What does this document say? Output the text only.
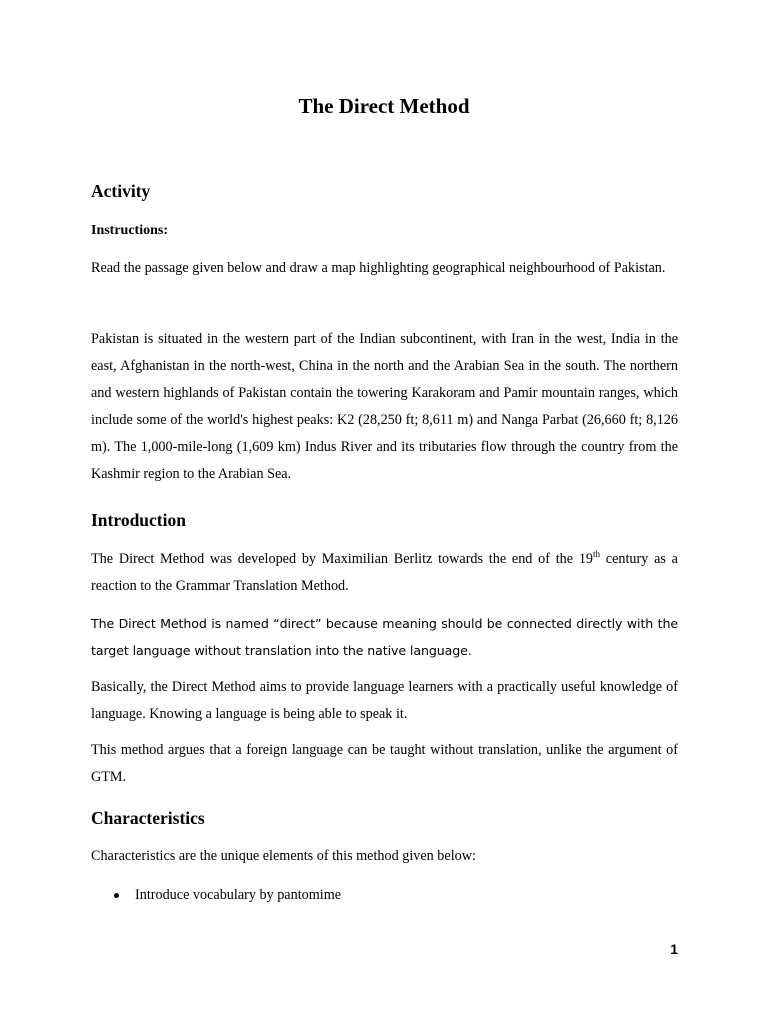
The Direct Method
Activity
Instructions:

Read the passage given below and draw a map highlighting geographical neighbourhood of Pakistan.

Pakistan is situated in the western part of the Indian subcontinent, with Iran in the west, India in the east, Afghanistan in the north-west, China in the north and the Arabian Sea in the south. The northern and western highlands of Pakistan contain the towering Karakoram and Pamir mountain ranges, which include some of the world's highest peaks: K2 (28,250 ft; 8,611 m) and Nanga Parbat (26,660 ft; 8,126 m). The 1,000-mile-long (1,609 km) Indus River and its tributaries flow through the country from the Kashmir region to the Arabian Sea.

Introduction

The Direct Method was developed by Maximilian Berlitz towards the end of the 19th century as a reaction to the Grammar Translation Method.

The Direct Method is named “direct” because meaning should be connected directly with the target language without translation into the native language.

Basically, the Direct Method aims to provide language learners with a practically useful knowledge of language. Knowing a language is being able to speak it.

This method argues that a foreign language can be taught without translation, unlike the argument of GTM.

Characteristics

Characteristics are the unique elements of this method given below:

Introduce vocabulary by pantomime

1
